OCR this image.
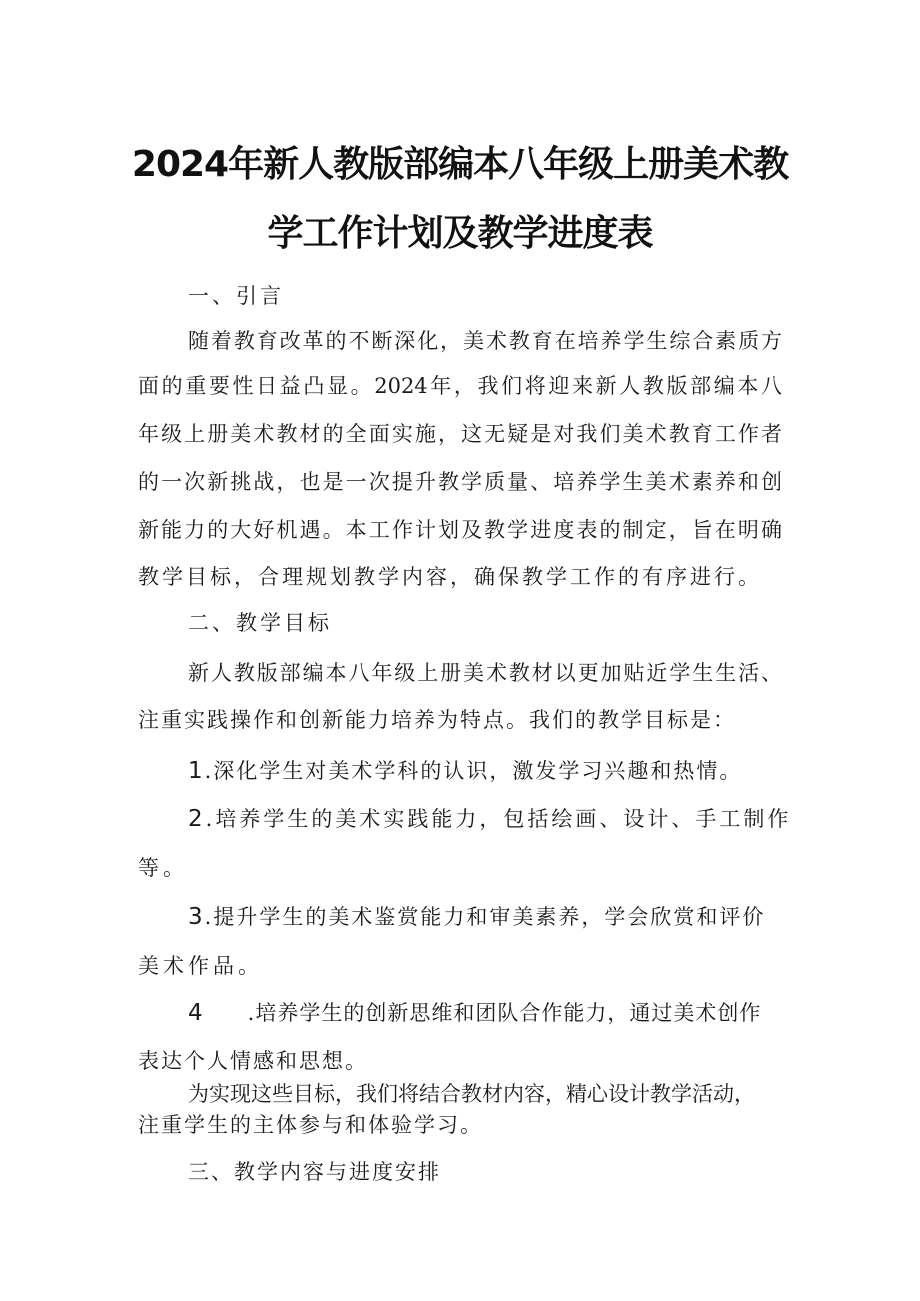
2024年新人教版部编本八年级上册美术教
学工作计划及教学进度表
一、引言
随着教育改革的不断深化，美术教育在培养学生综合素质方
面的重要性日益凸显。2024年，我们将迎来新人教版部编本八
年级上册美术教材的全面实施，这无疑是对我们美术教育工作者
的一次新挑战，也是一次提升教学质量、培养学生美术素养和创
新能力的大好机遇。本工作计划及教学进度表的制定，旨在明确
教学目标，合理规划教学内容，确保教学工作的有序进行。
二、教学目标
新人教版部编本八年级上册美术教材以更加贴近学生生活、
注重实践操作和创新能力培养为特点。我们的教学目标是：
1.深化学生对美术学科的认识，激发学习兴趣和热情。
2.培养学生的美术实践能力，包括绘画、设计、手工制作
等。
3.提升学生的美术鉴赏能力和审美素养，学会欣赏和评价
美术作品。
4 .培养学生的创新思维和团队合作能力，通过美术创作
表达个人情感和思想。
为实现这些目标，我们将结合教材内容，精心设计教学活动，
注重学生的主体参与和体验学习。
三、教学内容与进度安排
